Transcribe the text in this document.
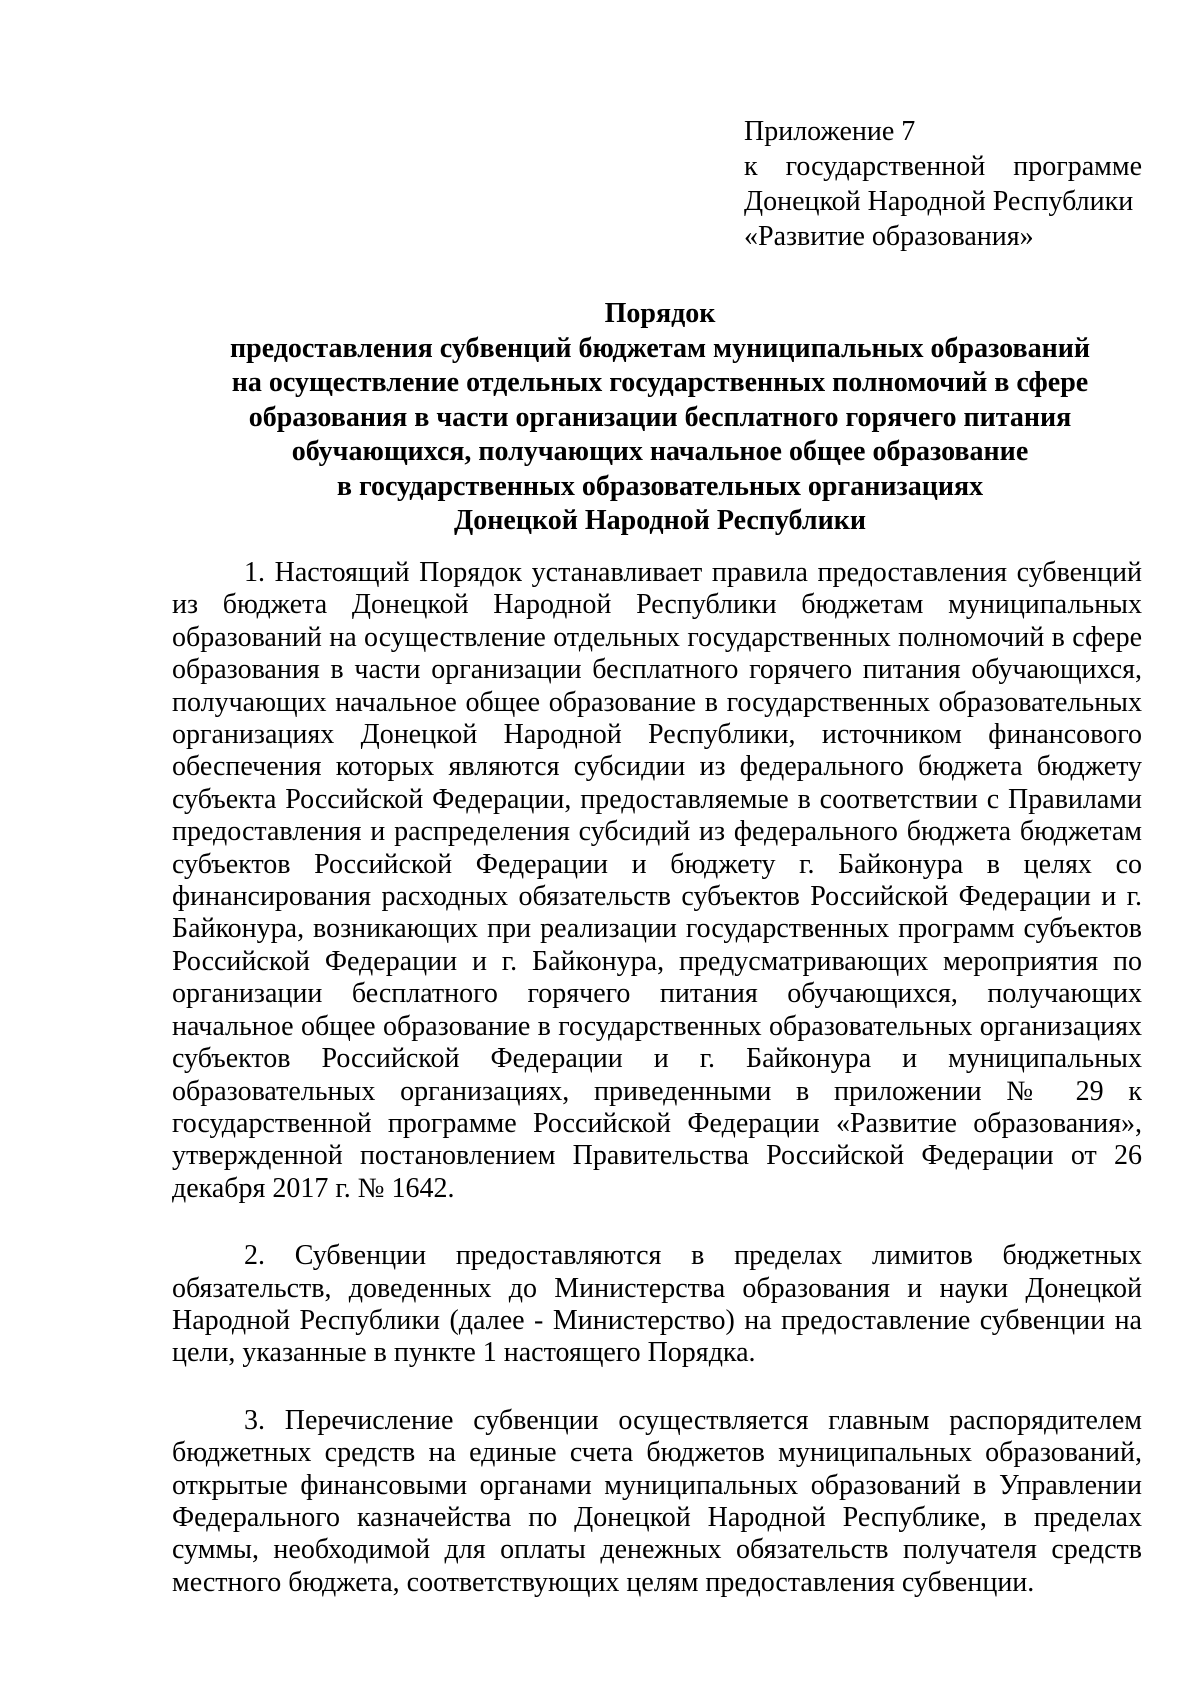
Приложение 7
к государственной программе
Донецкой Народной Республики
«Развитие образования»
Порядок
предоставления субвенций бюджетам муниципальных образований
на осуществление отдельных государственных полномочий в сфере
образования в части организации бесплатного горячего питания
обучающихся, получающих начальное общее образование
в государственных образовательных организациях
Донецкой Народной Республики

1. Настоящий Порядок устанавливает правила предоставления субвенций из бюджета Донецкой Народной Республики бюджетам муниципальных образований на осуществление отдельных государственных полномочий в сфере образования в части организации бесплатного горячего питания обучающихся, получающих начальное общее образование в государственных образовательных организациях Донецкой Народной Республики, источником финансового обеспечения которых являются субсидии из федерального бюджета бюджету субъекта Российской Федерации, предоставляемые в соответствии с Правилами предоставления и распределения субсидий из федерального бюджета бюджетам субъектов Российской Федерации и бюджету г. Байконура в целях со финансирования расходных обязательств субъектов Российской Федерации и г. Байконура, возникающих при реализации государственных программ субъектов Российской Федерации и г. Байконура, предусматривающих мероприятия по организации бесплатного горячего питания обучающихся, получающих начальное общее образование в государственных образовательных организациях субъектов Российской Федерации и г. Байконура и муниципальных образовательных организациях, приведенными в приложении № 29 к государственной программе Российской Федерации «Развитие образования», утвержденной постановлением Правительства Российской Федерации от 26 декабря 2017 г. № 1642.

2. Субвенции предоставляются в пределах лимитов бюджетных обязательств, доведенных до Министерства образования и науки Донецкой Народной Республики (далее - Министерство) на предоставление субвенции на цели, указанные в пункте 1 настоящего Порядка.

3. Перечисление субвенции осуществляется главным распорядителем бюджетных средств на единые счета бюджетов муниципальных образований, открытые финансовыми органами муниципальных образований в Управлении Федерального казначейства по Донецкой Народной Республике, в пределах суммы, необходимой для оплаты денежных обязательств получателя средств местного бюджета, соответствующих целям предоставления субвенции.
